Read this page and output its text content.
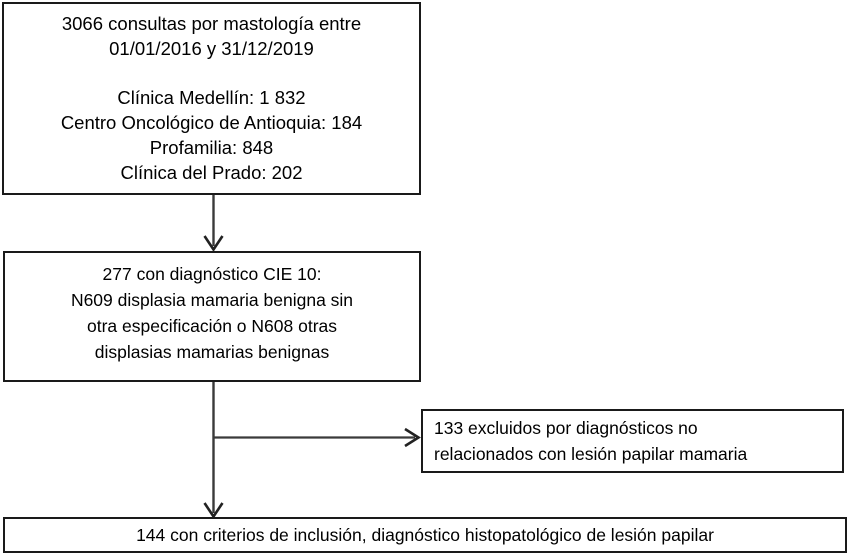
3066 consultas por mastología entre
01/01/2016 y 31/12/2019
Clínica Medellín: 1 832
Centro Oncológico de Antioquia: 184
Profamilia: 848
Clínica del Prado: 202
277 con diagnóstico CIE 10:
N609 displasia mamaria benigna sin
otra especificación o N608 otras
displasias mamarias benignas
133 excluidos por diagnósticos no
relacionados con lesión papilar mamaria
144 con criterios de inclusión, diagnóstico histopatológico de lesión papilar
